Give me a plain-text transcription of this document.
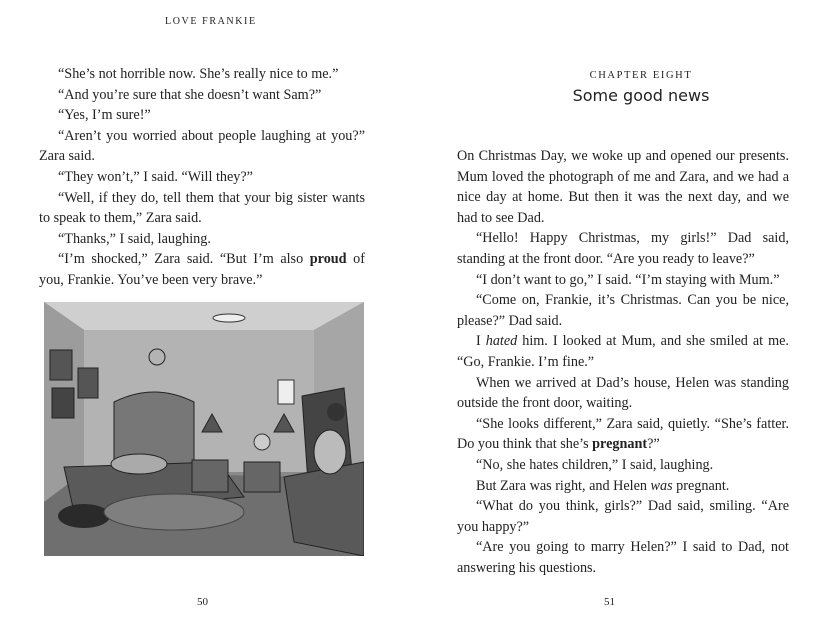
LOVE FRANKIE

“She’s not horrible now. She’s really nice to me.”

“And you’re sure that she doesn’t want Sam?”

“Yes, I’m sure!”

“Aren’t you worried about people laughing at you?” Zara said.

“They won’t,” I said. “Will they?”

“Well, if they do, tell them that your big sister wants to speak to them,” Zara said.

“Thanks,” I said, laughing.

“I’m shocked,” Zara said. “But I’m also proud of you, Frankie. You’ve been very brave.”

50
CHAPTER EIGHT
Some good news

On Christmas Day, we woke up and opened our presents. Mum loved the photograph of me and Zara, and we had a nice day at home. But then it was the next day, and we had to see Dad.

“Hello! Happy Christmas, my girls!” Dad said, standing at the front door. “Are you ready to leave?”

“I don’t want to go,” I said. “I’m staying with Mum.”

“Come on, Frankie, it’s Christmas. Can you be nice, please?” Dad said.

I hated him. I looked at Mum, and she smiled at me. “Go, Frankie. I’m fine.”

When we arrived at Dad’s house, Helen was standing outside the front door, waiting.

“She looks different,” Zara said, quietly. “She’s fatter. Do you think that she’s pregnant?”

“No, she hates children,” I said, laughing.

But Zara was right, and Helen was pregnant.

“What do you think, girls?” Dad said, smiling. “Are you happy?”

“Are you going to marry Helen?” I said to Dad, not answering his questions.

51
